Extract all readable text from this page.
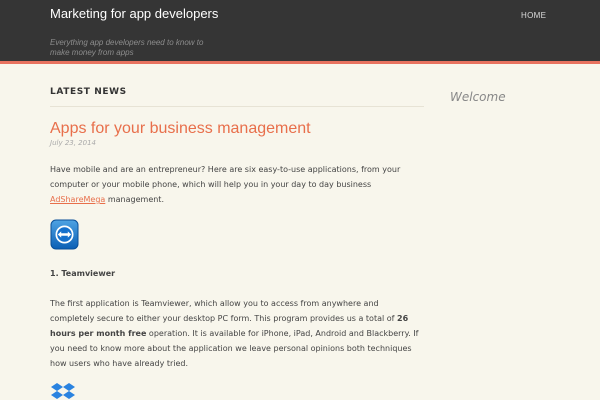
Marketing for app developers
Everything app developers need to know to make money from apps
HOME
LATEST NEWS	Welcome
Apps for your business management
July 23, 2014
Have mobile and are an entrepreneur? Here are six easy-to-use applications, from your computer or your mobile phone, which will help you in your day to day business AdShareMega management.
1. Teamviewer
The first application is Teamviewer, which allow you to access from anywhere and completely secure to either your desktop PC form. This program provides us a total of 26 hours per month free operation. It is available for iPhone, iPad, Android and Blackberry. If you need to know more about the application we leave personal opinions both techniques how users who have already tried.
